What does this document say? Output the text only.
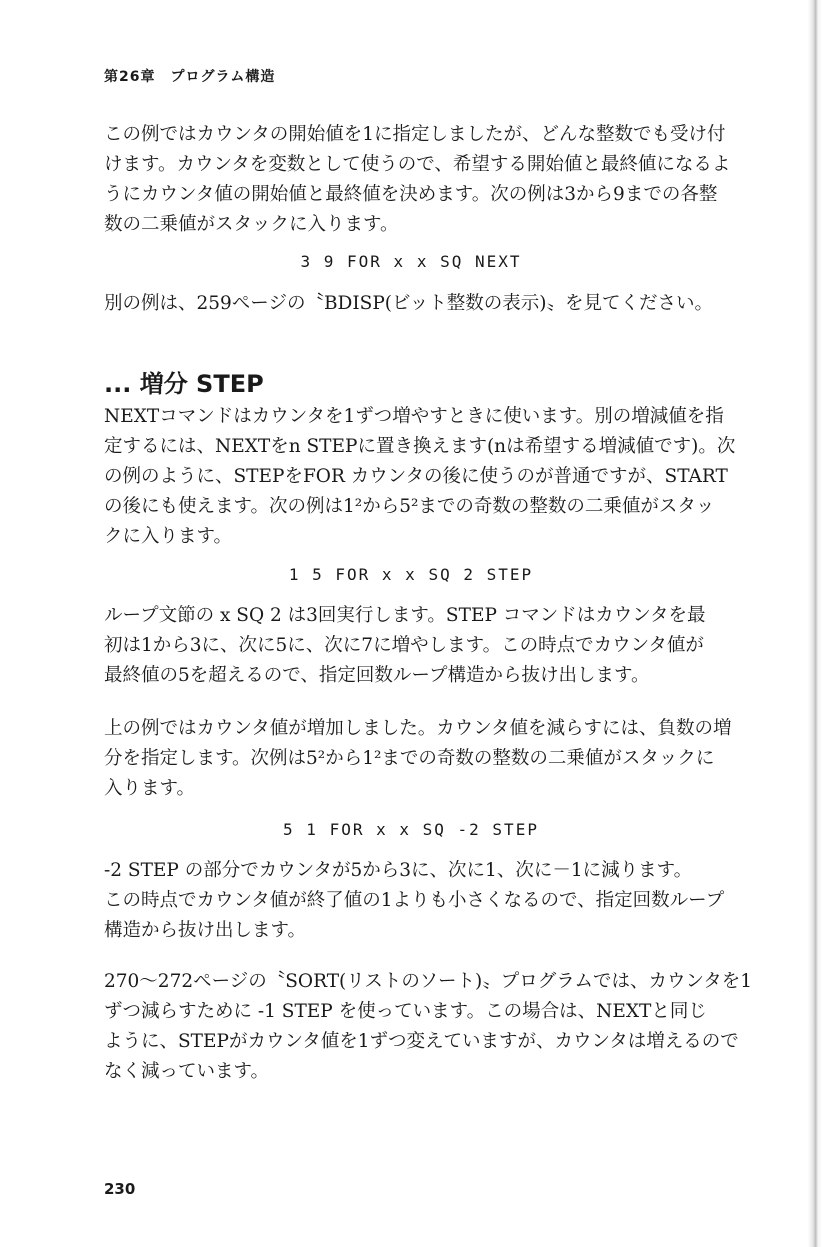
第26章　プログラム構造
この例ではカウンタの開始値を1に指定しましたが、どんな整数でも受け付
けます。カウンタを変数として使うので、希望する開始値と最終値になるよ
うにカウンタ値の開始値と最終値を決めます。次の例は3から9までの各整
数の二乗値がスタックに入ります。
3 9 FOR x x SQ NEXT
別の例は、259ページの〝BDISP(ビット整数の表示)〟を見てください。
... 増分 STEP
NEXTコマンドはカウンタを1ずつ増やすときに使います。別の増減値を指
定するには、NEXTをn STEPに置き換えます(nは希望する増減値です)。次
の例のように、STEPをFOR カウンタの後に使うのが普通ですが、START
の後にも使えます。次の例は1²から5²までの奇数の整数の二乗値がスタッ
クに入ります。
1 5 FOR x x SQ 2 STEP
ループ文節の x SQ 2 は3回実行します。STEP コマンドはカウンタを最
初は1から3に、次に5に、次に7に増やします。この時点でカウンタ値が
最終値の5を超えるので、指定回数ループ構造から抜け出します。
上の例ではカウンタ値が増加しました。カウンタ値を減らすには、負数の増
分を指定します。次例は5²から1²までの奇数の整数の二乗値がスタックに
入ります。
5 1 FOR x x SQ -2 STEP
-2 STEP の部分でカウンタが5から3に、次に1、次に－1に減ります。
この時点でカウンタ値が終了値の1よりも小さくなるので、指定回数ループ
構造から抜け出します。
270～272ページの〝SORT(リストのソート)〟プログラムでは、カウンタを1
ずつ減らすために -1 STEP を使っています。この場合は、NEXTと同じ
ように、STEPがカウンタ値を1ずつ変えていますが、カウンタは増えるので
なく減っています。
230
